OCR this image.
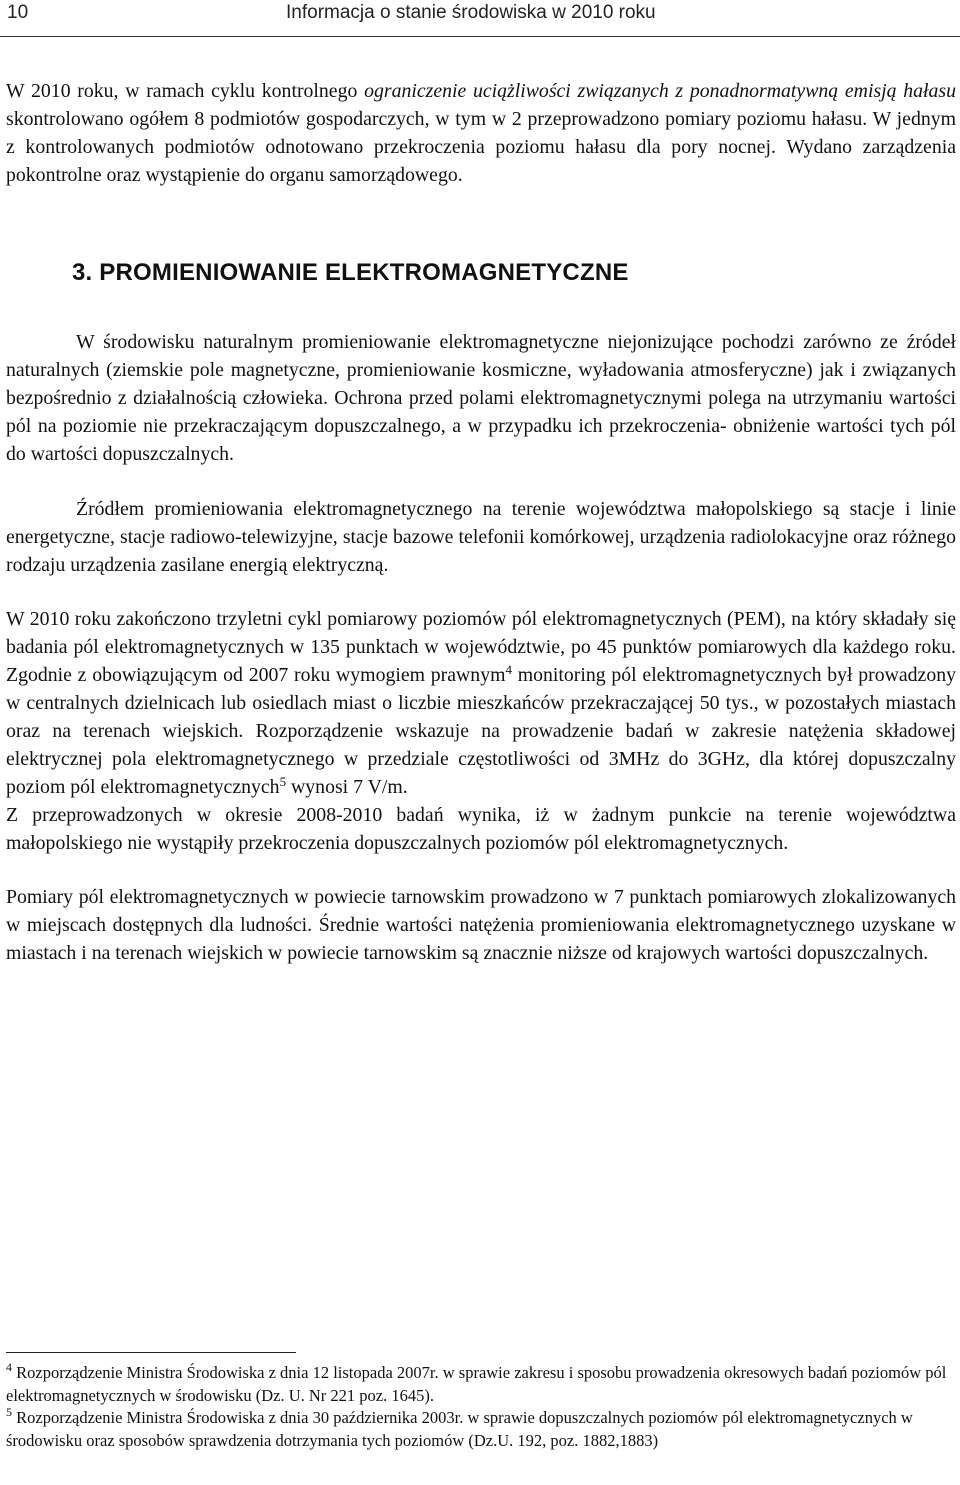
10	Informacja o stanie środowiska w 2010 roku

W 2010 roku, w ramach cyklu kontrolnego ograniczenie uciążliwości związanych z ponadnormatywną emisją hałasu skontrolowano ogółem 8 podmiotów gospodarczych, w tym w 2 przeprowadzono pomiary poziomu hałasu. W jednym z kontrolowanych podmiotów odnotowano przekroczenia poziomu hałasu dla pory nocnej. Wydano zarządzenia pokontrolne oraz wystąpienie do organu samorządowego.

3. PROMIENIOWANIE ELEKTROMAGNETYCZNE

W środowisku naturalnym promieniowanie elektromagnetyczne niejonizujące pochodzi zarówno ze źródeł naturalnych (ziemskie pole magnetyczne, promieniowanie kosmiczne, wyładowania atmosferyczne) jak i związanych bezpośrednio z działalnością człowieka. Ochrona przed polami elektromagnetycznymi polega na utrzymaniu wartości pól na poziomie nie przekraczającym dopuszczalnego, a w przypadku ich przekroczenia- obniżenie wartości tych pól do wartości dopuszczalnych.

Źródłem promieniowania elektromagnetycznego na terenie województwa małopolskiego są stacje i linie energetyczne, stacje radiowo-telewizyjne, stacje bazowe telefonii komórkowej, urządzenia radiolokacyjne oraz różnego rodzaju urządzenia zasilane energią elektryczną.

W 2010 roku zakończono trzyletni cykl pomiarowy poziomów pól elektromagnetycznych (PEM), na który składały się badania pól elektromagnetycznych w 135 punktach w województwie, po 45 punktów pomiarowych dla każdego roku. Zgodnie z obowiązującym od 2007 roku wymogiem prawnym$^4$ monitoring pól elektromagnetycznych był prowadzony w centralnych dzielnicach lub osiedlach miast o liczbie mieszkańców przekraczającej 50 tys., w pozostałych miastach oraz na terenach wiejskich. Rozporządzenie wskazuje na prowadzenie badań w zakresie natężenia składowej elektrycznej pola elektromagnetycznego w przedziale częstotliwości od 3MHz do 3GHz, dla której dopuszczalny poziom pól elektromagnetycznych$^5$ wynosi 7 V/m.

Z przeprowadzonych w okresie 2008-2010 badań wynika, iż w żadnym punkcie na terenie województwa małopolskiego nie wystąpiły przekroczenia dopuszczalnych poziomów pól elektromagnetycznych.

Pomiary pól elektromagnetycznych w powiecie tarnowskim prowadzono w 7 punktach pomiarowych zlokalizowanych w miejscach dostępnych dla ludności. Średnie wartości natężenia promieniowania elektromagnetycznego uzyskane w miastach i na terenach wiejskich w powiecie tarnowskim są znacznie niższe od krajowych wartości dopuszczalnych.

$^4$ Rozporządzenie Ministra Środowiska z dnia 12 listopada 2007r. w sprawie zakresu i sposobu prowadzenia okresowych badań poziomów pól elektromagnetycznych w środowisku (Dz. U. Nr 221 poz. 1645).

$^5$ Rozporządzenie Ministra Środowiska z dnia 30 października 2003r. w sprawie dopuszczalnych poziomów pól elektromagnetycznych w środowisku oraz sposobów sprawdzenia dotrzymania tych poziomów (Dz.U. 192, poz. 1882,1883)
